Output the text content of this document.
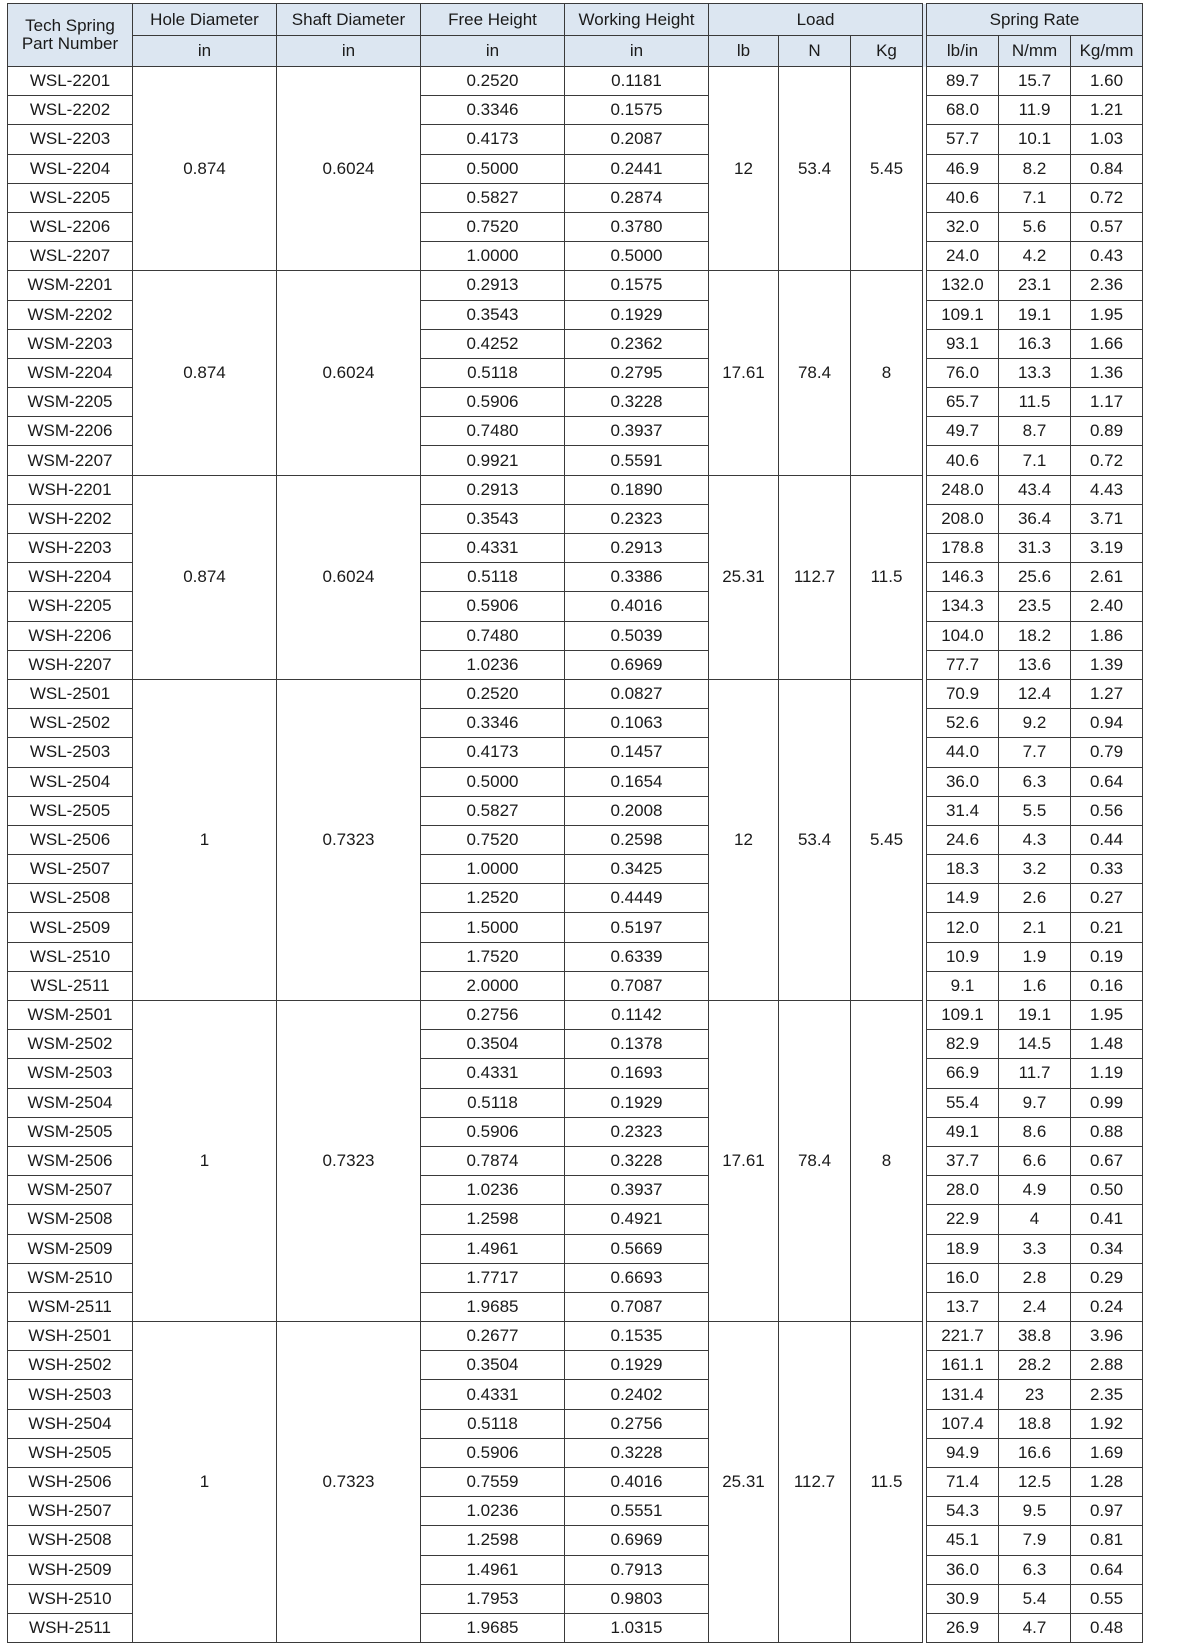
Tech Spring Part Number	Hole Diameter	Shaft Diameter	Free Height	Working Height	Load				Spring Rate		
	in	in	in	in	lb	N	Kg		lb/in	N/mm	Kg/mm
WSL-2201	0.874	0.6024	0.2520	0.1181	12	53.4	5.45		89.7	15.7	1.60
WSL-2202			0.3346	0.1575					68.0	11.9	1.21
WSL-2203			0.4173	0.2087					57.7	10.1	1.03
WSL-2204			0.5000	0.2441					46.9	8.2	0.84
WSL-2205			0.5827	0.2874					40.6	7.1	0.72
WSL-2206			0.7520	0.3780					32.0	5.6	0.57
WSL-2207			1.0000	0.5000					24.0	4.2	0.43
WSM-2201	0.874	0.6024	0.2913	0.1575	17.61	78.4	8		132.0	23.1	2.36
WSM-2202			0.3543	0.1929					109.1	19.1	1.95
WSM-2203			0.4252	0.2362					93.1	16.3	1.66
WSM-2204			0.5118	0.2795					76.0	13.3	1.36
WSM-2205			0.5906	0.3228					65.7	11.5	1.17
WSM-2206			0.7480	0.3937					49.7	8.7	0.89
WSM-2207			0.9921	0.5591					40.6	7.1	0.72
WSH-2201	0.874	0.6024	0.2913	0.1890	25.31	112.7	11.5		248.0	43.4	4.43
WSH-2202			0.3543	0.2323					208.0	36.4	3.71
WSH-2203			0.4331	0.2913					178.8	31.3	3.19
WSH-2204			0.5118	0.3386					146.3	25.6	2.61
WSH-2205			0.5906	0.4016					134.3	23.5	2.40
WSH-2206			0.7480	0.5039					104.0	18.2	1.86
WSH-2207			1.0236	0.6969					77.7	13.6	1.39
WSL-2501	1	0.7323	0.2520	0.0827	12	53.4	5.45		70.9	12.4	1.27
WSL-2502			0.3346	0.1063					52.6	9.2	0.94
WSL-2503			0.4173	0.1457					44.0	7.7	0.79
WSL-2504			0.5000	0.1654					36.0	6.3	0.64
WSL-2505			0.5827	0.2008					31.4	5.5	0.56
WSL-2506			0.7520	0.2598					24.6	4.3	0.44
WSL-2507			1.0000	0.3425					18.3	3.2	0.33
WSL-2508			1.2520	0.4449					14.9	2.6	0.27
WSL-2509			1.5000	0.5197					12.0	2.1	0.21
WSL-2510			1.7520	0.6339					10.9	1.9	0.19
WSL-2511			2.0000	0.7087					9.1	1.6	0.16
WSM-2501	1	0.7323	0.2756	0.1142	17.61	78.4	8		109.1	19.1	1.95
WSM-2502			0.3504	0.1378					82.9	14.5	1.48
WSM-2503			0.4331	0.1693					66.9	11.7	1.19
WSM-2504			0.5118	0.1929					55.4	9.7	0.99
WSM-2505			0.5906	0.2323					49.1	8.6	0.88
WSM-2506			0.7874	0.3228					37.7	6.6	0.67
WSM-2507			1.0236	0.3937					28.0	4.9	0.50
WSM-2508			1.2598	0.4921					22.9	4	0.41
WSM-2509			1.4961	0.5669					18.9	3.3	0.34
WSM-2510			1.7717	0.6693					16.0	2.8	0.29
WSM-2511			1.9685	0.7087					13.7	2.4	0.24
WSH-2501	1	0.7323	0.2677	0.1535	25.31	112.7	11.5		221.7	38.8	3.96
WSH-2502			0.3504	0.1929					161.1	28.2	2.88
WSH-2503			0.4331	0.2402					131.4	23	2.35
WSH-2504			0.5118	0.2756					107.4	18.8	1.92
WSH-2505			0.5906	0.3228					94.9	16.6	1.69
WSH-2506			0.7559	0.4016					71.4	12.5	1.28
WSH-2507			1.0236	0.5551					54.3	9.5	0.97
WSH-2508			1.2598	0.6969					45.1	7.9	0.81
WSH-2509			1.4961	0.7913					36.0	6.3	0.64
WSH-2510			1.7953	0.9803					30.9	5.4	0.55
WSH-2511			1.9685	1.0315					26.9	4.7	0.48
